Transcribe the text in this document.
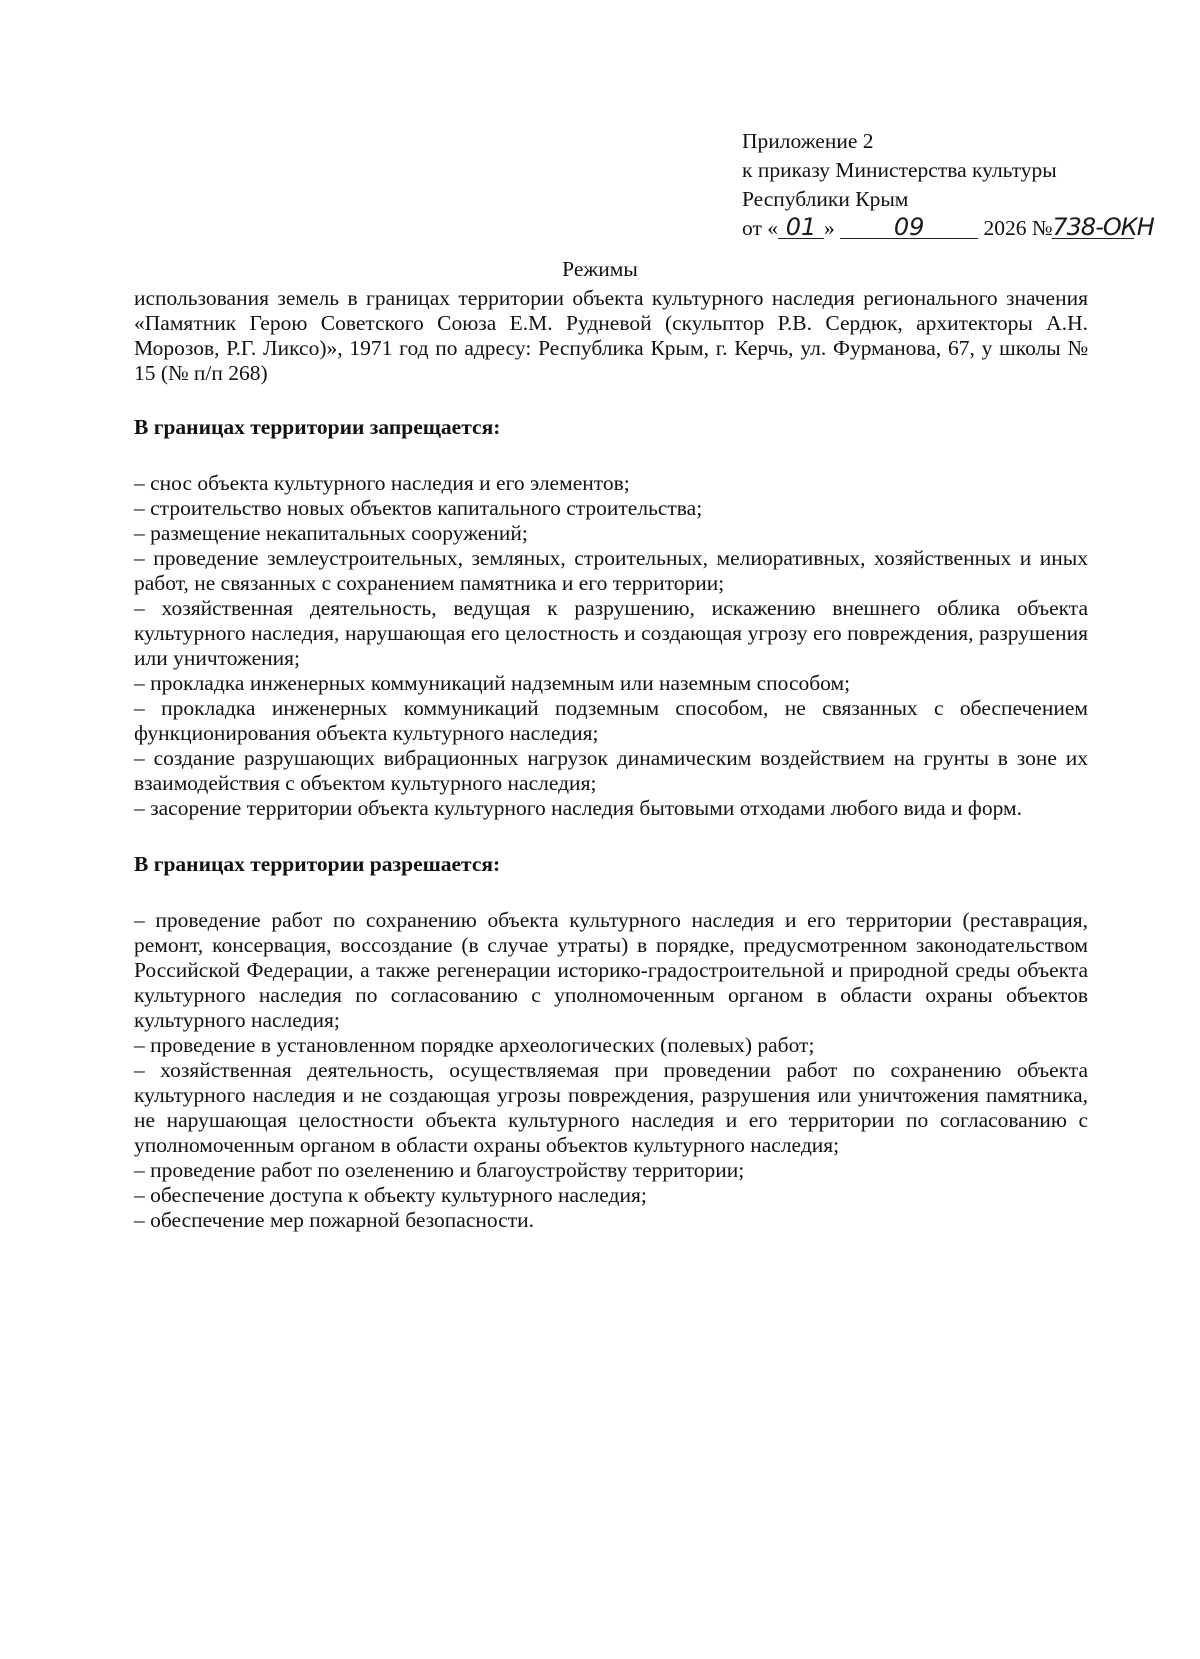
Приложение 2
к приказу Министерства культуры
Республики Крым
от « 01 » 09	2026 №738-ОКН
Режимы

использования земель в границах территории объекта культурного наследия регионального значения «Памятник Герою Советского Союза Е.М. Рудневой (скульптор Р.В. Сердюк, архитекторы А.Н. Морозов, Р.Г. Ликсо)», 1971 год по адресу: Республика Крым, г. Керчь, ул. Фурманова, 67, у школы № 15 (№ п/п 268)

В границах территории запрещается:

– снос объекта культурного наследия и его элементов;
– строительство новых объектов капитального строительства;
– размещение некапитальных сооружений;
– проведение землеустроительных, земляных, строительных, мелиоративных, хозяйственных и иных работ, не связанных с сохранением памятника и его территории;
– хозяйственная деятельность, ведущая к разрушению, искажению внешнего облика объекта культурного наследия, нарушающая его целостность и создающая угрозу его повреждения, разрушения или уничтожения;
– прокладка инженерных коммуникаций надземным или наземным способом;
– прокладка инженерных коммуникаций подземным способом, не связанных с обеспечением функционирования объекта культурного наследия;
– создание разрушающих вибрационных нагрузок динамическим воздействием на грунты в зоне их взаимодействия с объектом культурного наследия;
– засорение территории объекта культурного наследия бытовыми отходами любого вида и форм.

В границах территории разрешается:

– проведение работ по сохранению объекта культурного наследия и его территории (реставрация, ремонт, консервация, воссоздание (в случае утраты) в порядке, предусмотренном законодательством Российской Федерации, а также регенерации историко-градостроительной и природной среды объекта культурного наследия по согласованию с уполномоченным органом в области охраны объектов культурного наследия;
– проведение в установленном порядке археологических (полевых) работ;
– хозяйственная деятельность, осуществляемая при проведении работ по сохранению объекта культурного наследия и не создающая угрозы повреждения, разрушения или уничтожения памятника, не нарушающая целостности объекта культурного наследия и его территории по согласованию с уполномоченным органом в области охраны объектов культурного наследия;
– проведение работ по озеленению и благоустройству территории;
– обеспечение доступа к объекту культурного наследия;
– обеспечение мер пожарной безопасности.
